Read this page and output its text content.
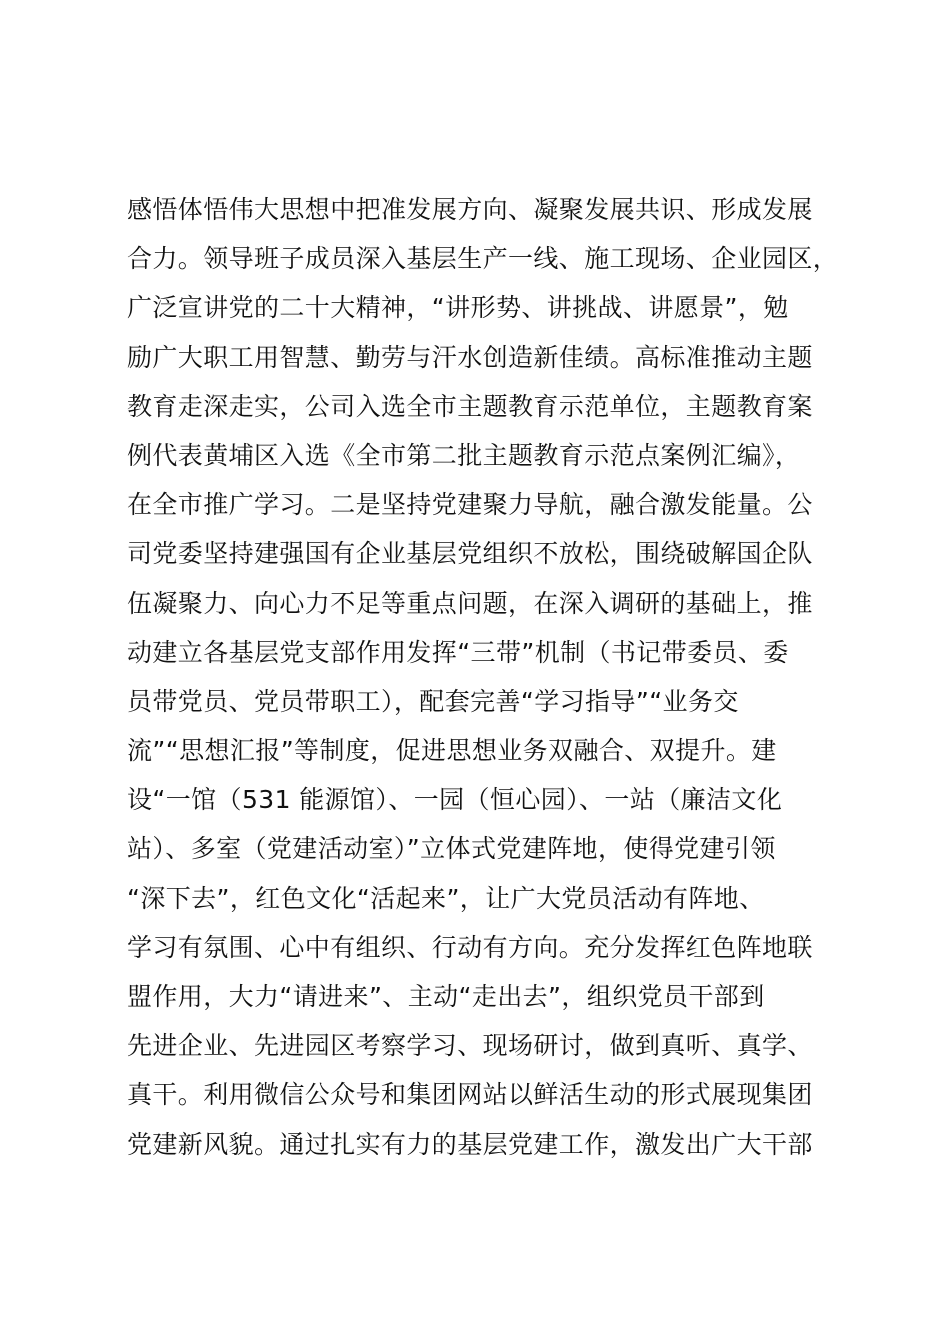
感悟体悟伟大思想中把准发展方向、凝聚发展共识、形成发展
合力。领导班子成员深入基层生产一线、施工现场、企业园区，
广泛宣讲党的二十大精神，“讲形势、讲挑战、讲愿景”，勉
励广大职工用智慧、勤劳与汗水创造新佳绩。高标准推动主题
教育走深走实，公司入选全市主题教育示范单位，主题教育案
例代表黄埔区入选《全市第二批主题教育示范点案例汇编》，
在全市推广学习。二是坚持党建聚力导航，融合激发能量。公
司党委坚持建强国有企业基层党组织不放松，围绕破解国企队
伍凝聚力、向心力不足等重点问题，在深入调研的基础上，推
动建立各基层党支部作用发挥“三带”机制（书记带委员、委
员带党员、党员带职工），配套完善“学习指导”“业务交
流”“思想汇报”等制度，促进思想业务双融合、双提升。建
设“一馆（531 能源馆）、一园（恒心园）、一站（廉洁文化
站）、多室（党建活动室）”立体式党建阵地，使得党建引领
“深下去”，红色文化“活起来”，让广大党员活动有阵地、
学习有氛围、心中有组织、行动有方向。充分发挥红色阵地联
盟作用，大力“请进来”、主动“走出去”，组织党员干部到
先进企业、先进园区考察学习、现场研讨，做到真听、真学、
真干。利用微信公众号和集团网站以鲜活生动的形式展现集团
党建新风貌。通过扎实有力的基层党建工作，激发出广大干部
